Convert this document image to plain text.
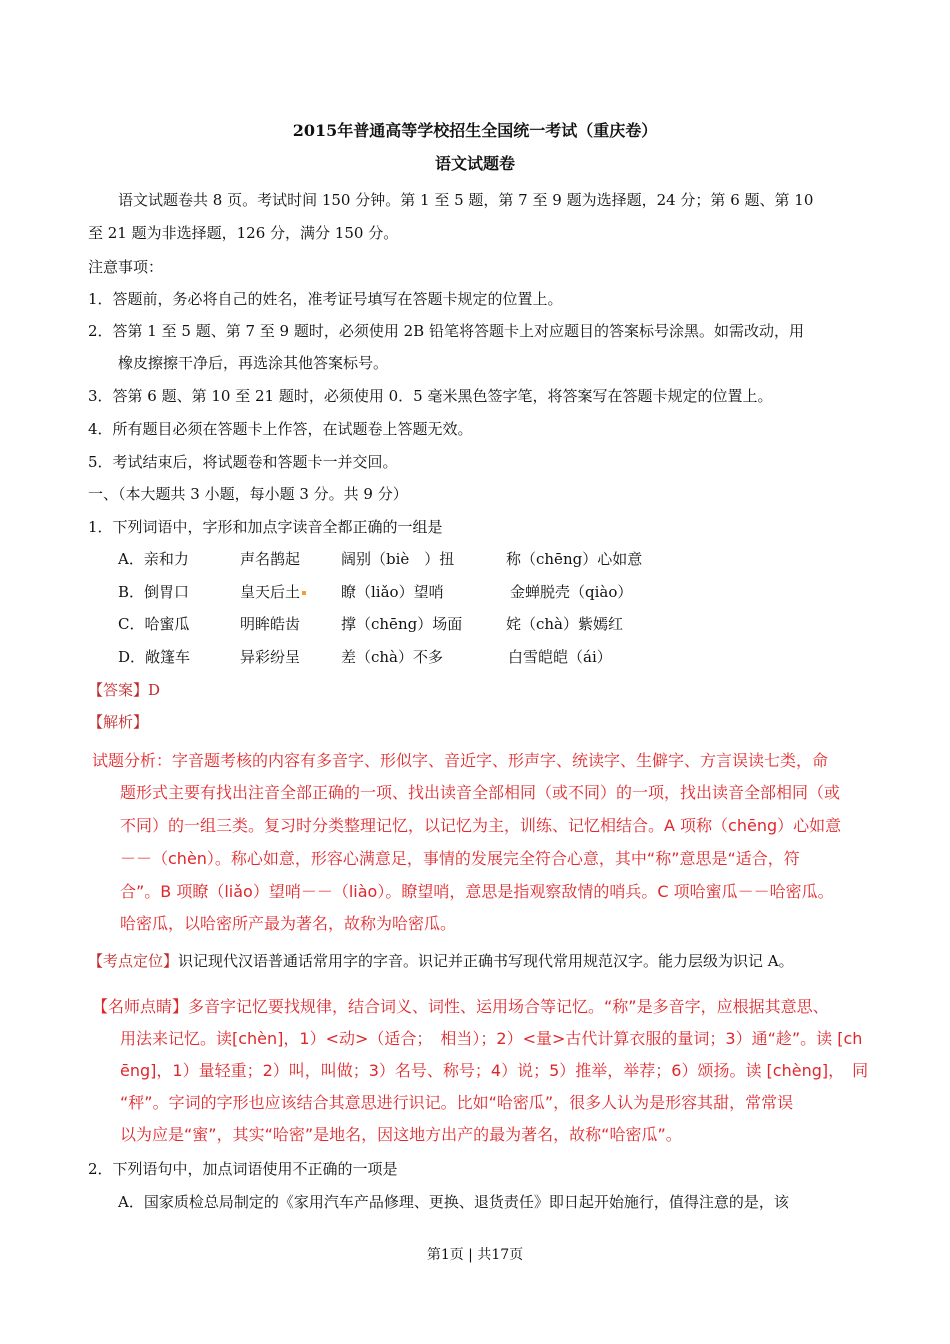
2015年普通高等学校招生全国统一考试（重庆卷）
语文试题卷
语文试题卷共 8 页。考试时间 150 分钟。第 1 至 5 题，第 7 至 9 题为选择题，24 分；第 6 题、第 10
至 21 题为非选择题，126 分，满分 150 分。
注意事项：
1．答题前，务必将自己的姓名，准考证号填写在答题卡规定的位置上。
2．答第 1 至 5 题、第 7 至 9 题时，必须使用 2B 铅笔将答题卡上对应题目的答案标号涂黑。如需改动，用
橡皮擦擦干净后，再选涂其他答案标号。
3．答第 6 题、第 10 至 21 题时，必须使用 0．5 毫米黑色签字笔，将答案写在答题卡规定的位置上。
4．所有题目必须在答题卡上作答，在试题卷上答题无效。
5．考试结束后，将试题卷和答题卡一并交回。
一、（本大题共 3 小题，每小题 3 分。共 9 分）
1．下列词语中，字形和加点字读音全都正确的一组是
A．亲和力	声名鹊起	阔别（biè　）扭	称（chēng）心如意
B．倒胃口	皇天后土	瞭（liǎo）望哨	金蝉脱壳（qiào）
C．哈蜜瓜	明眸皓齿	撑（chēng）场面	姹（chà）紫嫣红
D．敞篷车	异彩纷呈	差（chà）不多	白雪皑皑（ái）
【答案】D
【解析】
试题分析：字音题考核的内容有多音字、形似字、音近字、形声字、统读字、生僻字、方言误读七类，命
题形式主要有找出注音全部正确的一项、找出读音全部相同（或不同）的一项，找出读音全部相同（或
不同）的一组三类。复习时分类整理记忆，以记忆为主，训练、记忆相结合。A 项称（chēng）心如意
－－（chèn）。称心如意，形容心满意足，事情的发展完全符合心意，其中“称”意思是“适合，符
合”。B 项瞭（liǎo）望哨－－（liào）。瞭望哨，意思是指观察敌情的哨兵。C 项哈蜜瓜－－哈密瓜。
哈密瓜，以哈密所产最为著名，故称为哈密瓜。
【考点定位】识记现代汉语普通话常用字的字音。识记并正确书写现代常用规范汉字。能力层级为识记 A。
【名师点睛】多音字记忆要找规律，结合词义、词性、运用场合等记忆。“称”是多音字，应根据其意思、
用法来记忆。读[chèn]，1）<动>（适合；　相当）；2）<量>古代计算衣服的量词；3）通“趁”。读 [ch
ēng]，1）量轻重；2）叫，叫做；3）名号、称号；4）说；5）推举，举荐；6）颂扬。读 [chèng]，　同
“秤”。字词的字形也应该结合其意思进行识记。比如“哈密瓜”，很多人认为是形容其甜，常常误
以为应是“蜜”，其实“哈密”是地名，因这地方出产的最为著名，故称“哈密瓜”。
2．下列语句中，加点词语使用不正确的一项是
A．国家质检总局制定的《家用汽车产品修理、更换、退货责任》即日起开始施行，值得注意的是，该
第1页 | 共17页
